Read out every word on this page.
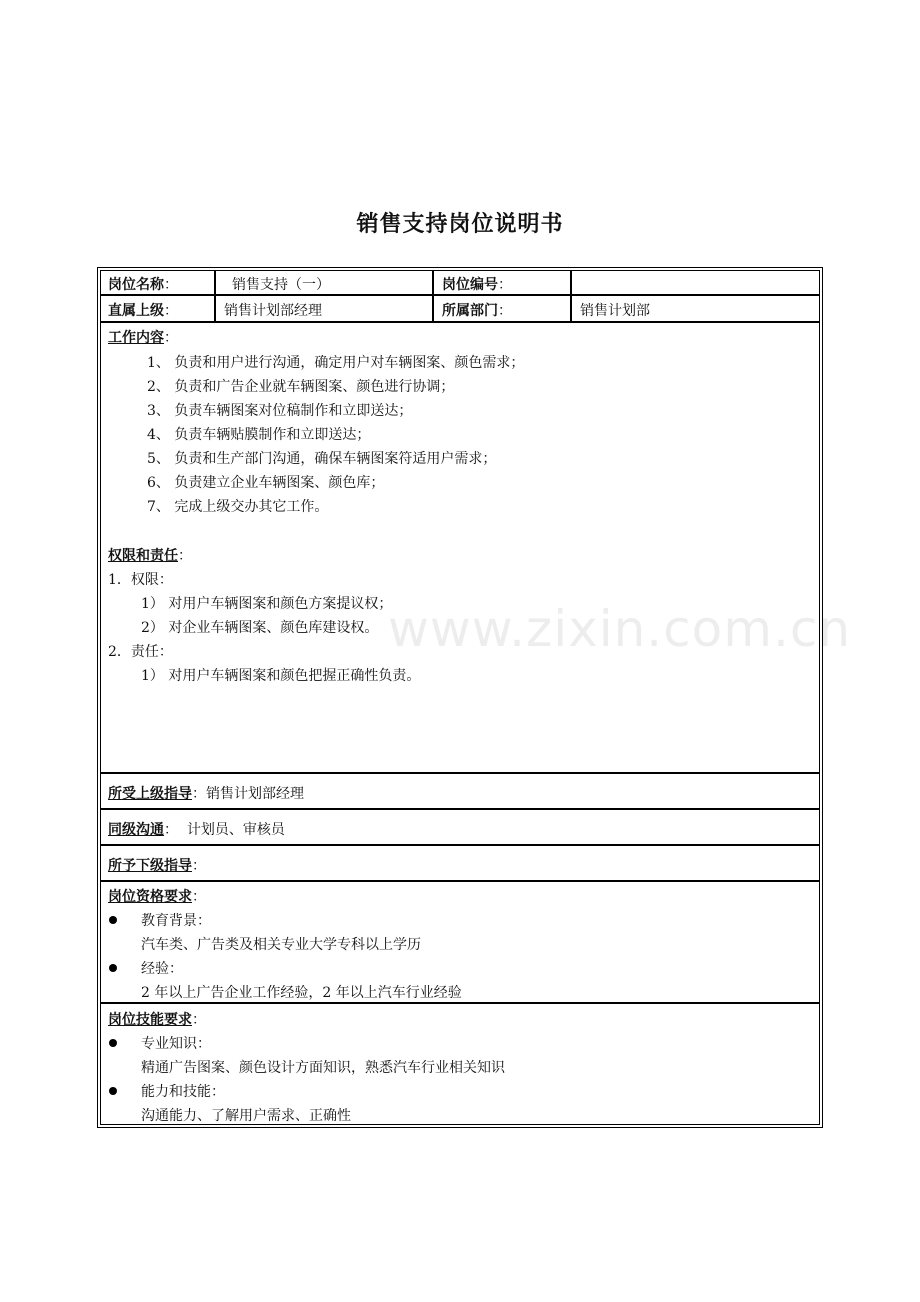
销售支持岗位说明书
www.zixin.com.cn
岗位名称：	销售支持（一）	岗位编号：
直属上级：	销售计划部经理	所属部门：	销售计划部
工作内容：
1、 负责和用户进行沟通，确定用户对车辆图案、颜色需求；
2、 负责和广告企业就车辆图案、颜色进行协调；
3、 负责车辆图案对位稿制作和立即送达；
4、 负责车辆贴膜制作和立即送达；
5、 负责和生产部门沟通，确保车辆图案符适用户需求；
6、 负责建立企业车辆图案、颜色库；
7、 完成上级交办其它工作。
权限和责任：
1．权限：
1） 对用户车辆图案和颜色方案提议权；
2） 对企业车辆图案、颜色库建设权。
2．责任：
1） 对用户车辆图案和颜色把握正确性负责。
所受上级指导：销售计划部经理
同级沟通：  计划员、审核员
所予下级指导：
岗位资格要求：
教育背景：
汽车类、广告类及相关专业大学专科以上学历
经验：
2 年以上广告企业工作经验，2 年以上汽车行业经验
岗位技能要求：
专业知识：
精通广告图案、颜色设计方面知识，熟悉汽车行业相关知识
能力和技能：
沟通能力、了解用户需求、正确性
